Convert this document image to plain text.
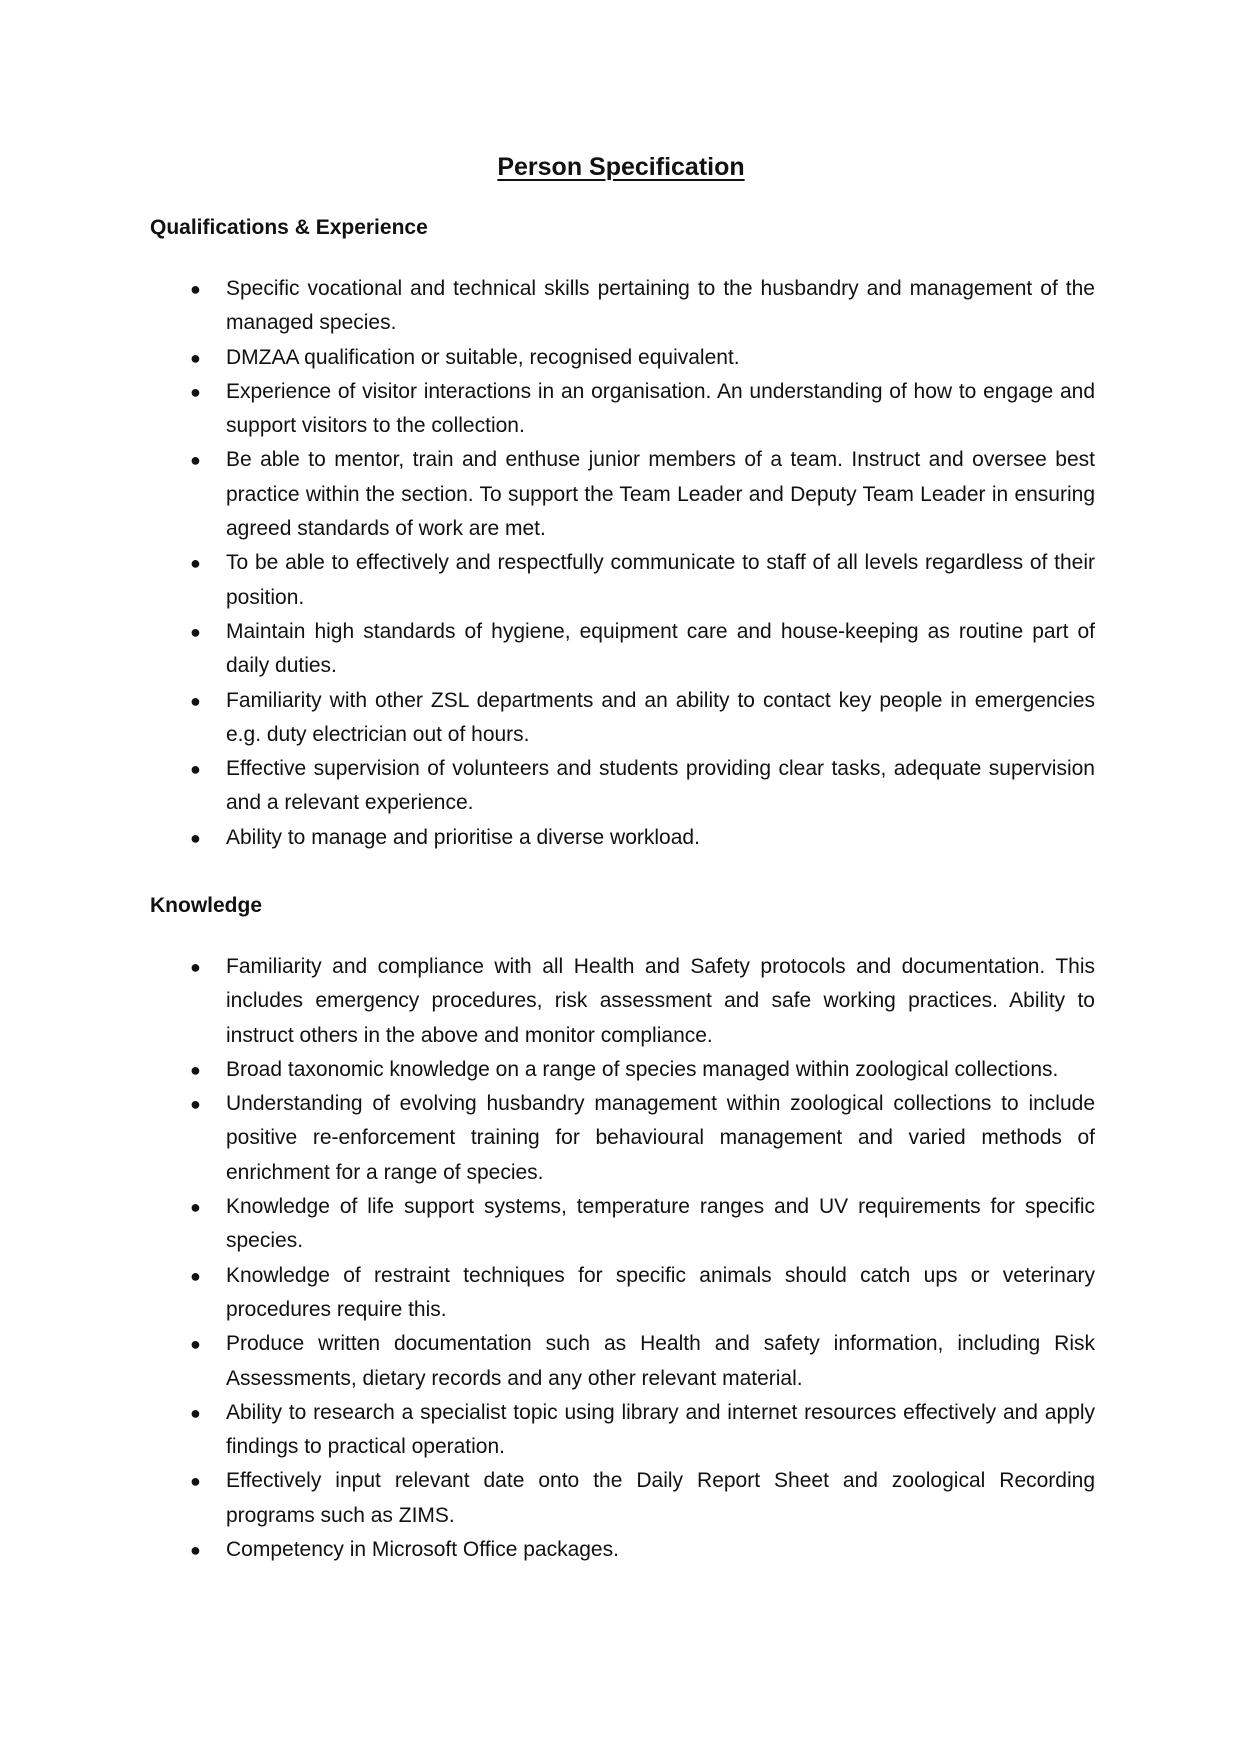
Person Specification
Qualifications & Experience
●	Specific vocational and technical skills pertaining to the husbandry and management of the managed species.
●	DMZAA qualification or suitable, recognised equivalent.
●	Experience of visitor interactions in an organisation. An understanding of how to engage and support visitors to the collection.
●	Be able to mentor, train and enthuse junior members of a team. Instruct and oversee best practice within the section. To support the Team Leader and Deputy Team Leader in ensuring agreed standards of work are met.
●	To be able to effectively and respectfully communicate to staff of all levels regardless of their position.
●	Maintain high standards of hygiene, equipment care and house-keeping as routine part of daily duties.
●	Familiarity with other ZSL departments and an ability to contact key people in emergencies e.g. duty electrician out of hours.
●	Effective supervision of volunteers and students providing clear tasks, adequate supervision and a relevant experience.
●	Ability to manage and prioritise a diverse workload.
Knowledge
●	Familiarity and compliance with all Health and Safety protocols and documentation. This includes emergency procedures, risk assessment and safe working practices. Ability to instruct others in the above and monitor compliance.
●	Broad taxonomic knowledge on a range of species managed within zoological collections.
●	Understanding of evolving husbandry management within zoological collections to include positive re-enforcement training for behavioural management and varied methods of enrichment for a range of species.
●	Knowledge of life support systems, temperature ranges and UV requirements for specific species.
●	Knowledge of restraint techniques for specific animals should catch ups or veterinary procedures require this.
●	Produce written documentation such as Health and safety information, including Risk Assessments, dietary records and any other relevant material.
●	Ability to research a specialist topic using library and internet resources effectively and apply findings to practical operation.
●	Effectively input relevant date onto the Daily Report Sheet and zoological Recording programs such as ZIMS.
●	Competency in Microsoft Office packages.
